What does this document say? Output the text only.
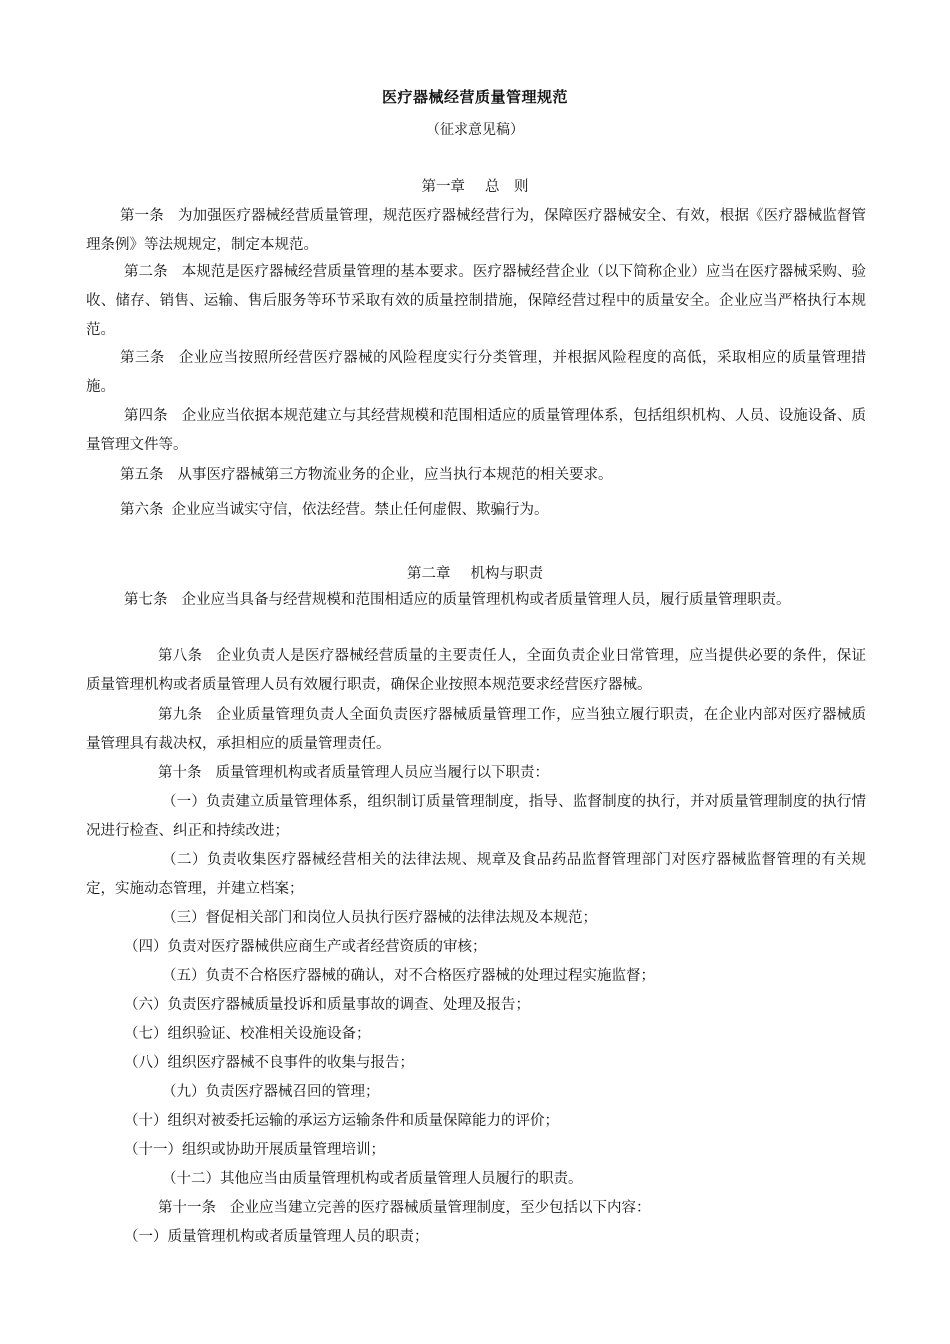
医疗器械经营质量管理规范

（征求意见稿）

第一章 总　则

第一条 为加强医疗器械经营质量管理，规范医疗器械经营行为，保障医疗器械安全、有效，根据《医疗器械监督管理条例》等法规规定，制定本规范。

第二条 本规范是医疗器械经营质量管理的基本要求。医疗器械经营企业（以下简称企业）应当在医疗器械采购、验收、储存、销售、运输、售后服务等环节采取有效的质量控制措施，保障经营过程中的质量安全。企业应当严格执行本规范。

第三条 企业应当按照所经营医疗器械的风险程度实行分类管理，并根据风险程度的高低，采取相应的质量管理措施。

第四条 企业应当依据本规范建立与其经营规模和范围相适应的质量管理体系，包括组织机构、人员、设施设备、质量管理文件等。

第五条 从事医疗器械第三方物流业务的企业，应当执行本规范的相关要求。

第六条 企业应当诚实守信，依法经营。禁止任何虚假、欺骗行为。

第二章 机构与职责

第七条 企业应当具备与经营规模和范围相适应的质量管理机构或者质量管理人员，履行质量管理职责。

第八条 企业负责人是医疗器械经营质量的主要责任人，全面负责企业日常管理，应当提供必要的条件，保证质量管理机构或者质量管理人员有效履行职责，确保企业按照本规范要求经营医疗器械。

第九条 企业质量管理负责人全面负责医疗器械质量管理工作，应当独立履行职责，在企业内部对医疗器械质量管理具有裁决权，承担相应的质量管理责任。

第十条 质量管理机构或者质量管理人员应当履行以下职责：

（一）负责建立质量管理体系，组织制订质量管理制度，指导、监督制度的执行，并对质量管理制度的执行情况进行检查、纠正和持续改进；

（二）负责收集医疗器械经营相关的法律法规、规章及食品药品监督管理部门对医疗器械监督管理的有关规定，实施动态管理，并建立档案；

（三）督促相关部门和岗位人员执行医疗器械的法律法规及本规范；

（四）负责对医疗器械供应商生产或者经营资质的审核；

（五）负责不合格医疗器械的确认，对不合格医疗器械的处理过程实施监督；

（六）负责医疗器械质量投诉和质量事故的调查、处理及报告；

（七）组织验证、校准相关设施设备；

（八）组织医疗器械不良事件的收集与报告；

（九）负责医疗器械召回的管理；

（十）组织对被委托运输的承运方运输条件和质量保障能力的评价；

（十一）组织或协助开展质量管理培训；

（十二）其他应当由质量管理机构或者质量管理人员履行的职责。

第十一条 企业应当建立完善的医疗器械质量管理制度，至少包括以下内容：

（一）质量管理机构或者质量管理人员的职责；
